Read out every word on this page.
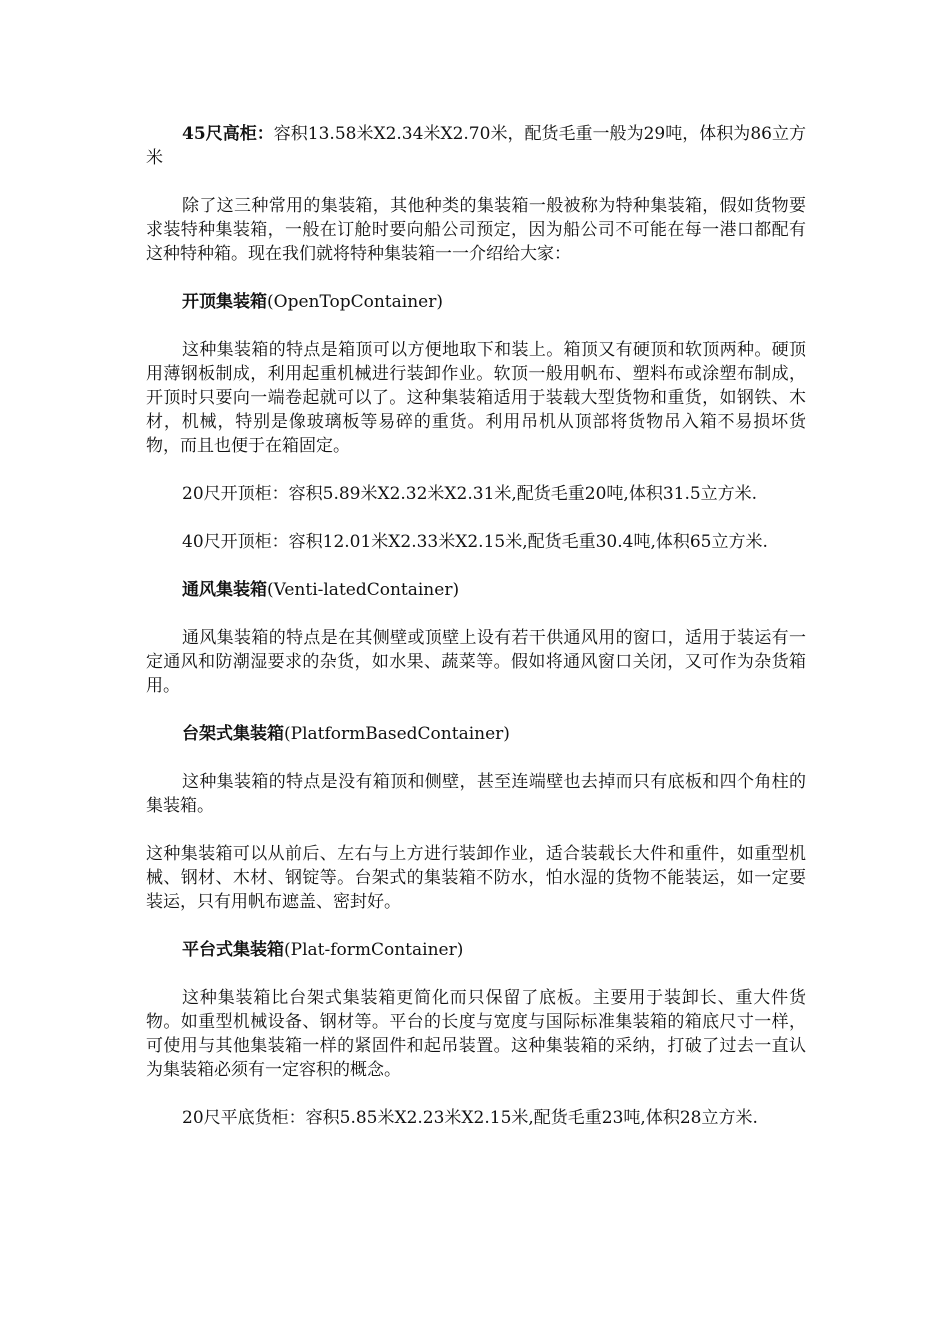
45尺高柜：容积13.58米X2.34米X2.70米，配货毛重一般为29吨，体积为86立方米

除了这三种常用的集装箱，其他种类的集装箱一般被称为特种集装箱，假如货物要求装特种集装箱，一般在订舱时要向船公司预定，因为船公司不可能在每一港口都配有这种特种箱。现在我们就将特种集装箱一一介绍给大家：

开顶集装箱(OpenTopContainer)

这种集装箱的特点是箱顶可以方便地取下和装上。箱顶又有硬顶和软顶两种。硬顶用薄钢板制成，利用起重机械进行装卸作业。软顶一般用帆布、塑料布或涂塑布制成，开顶时只要向一端卷起就可以了。这种集装箱适用于装载大型货物和重货，如钢铁、木材，机械，特别是像玻璃板等易碎的重货。利用吊机从顶部将货物吊入箱不易损坏货物，而且也便于在箱固定。

20尺开顶柜：容积5.89米X2.32米X2.31米,配货毛重20吨,体积31.5立方米.

40尺开顶柜：容积12.01米X2.33米X2.15米,配货毛重30.4吨,体积65立方米.

通风集装箱(Venti-latedContainer)

通风集装箱的特点是在其侧壁或顶壁上设有若干供通风用的窗口，适用于装运有一定通风和防潮湿要求的杂货，如水果、蔬菜等。假如将通风窗口关闭，又可作为杂货箱用。

台架式集装箱(PlatformBasedContainer)

这种集装箱的特点是没有箱顶和侧壁，甚至连端壁也去掉而只有底板和四个角柱的集装箱。

这种集装箱可以从前后、左右与上方进行装卸作业，适合装载长大件和重件，如重型机械、钢材、木材、钢锭等。台架式的集装箱不防水，怕水湿的货物不能装运，如一定要装运，只有用帆布遮盖、密封好。

平台式集装箱(Plat-formContainer)

这种集装箱比台架式集装箱更简化而只保留了底板。主要用于装卸长、重大件货物。如重型机械设备、钢材等。平台的长度与宽度与国际标准集装箱的箱底尺寸一样，可使用与其他集装箱一样的紧固件和起吊装置。这种集装箱的采纳，打破了过去一直认为集装箱必须有一定容积的概念。

20尺平底货柜：容积5.85米X2.23米X2.15米,配货毛重23吨,体积28立方米.
